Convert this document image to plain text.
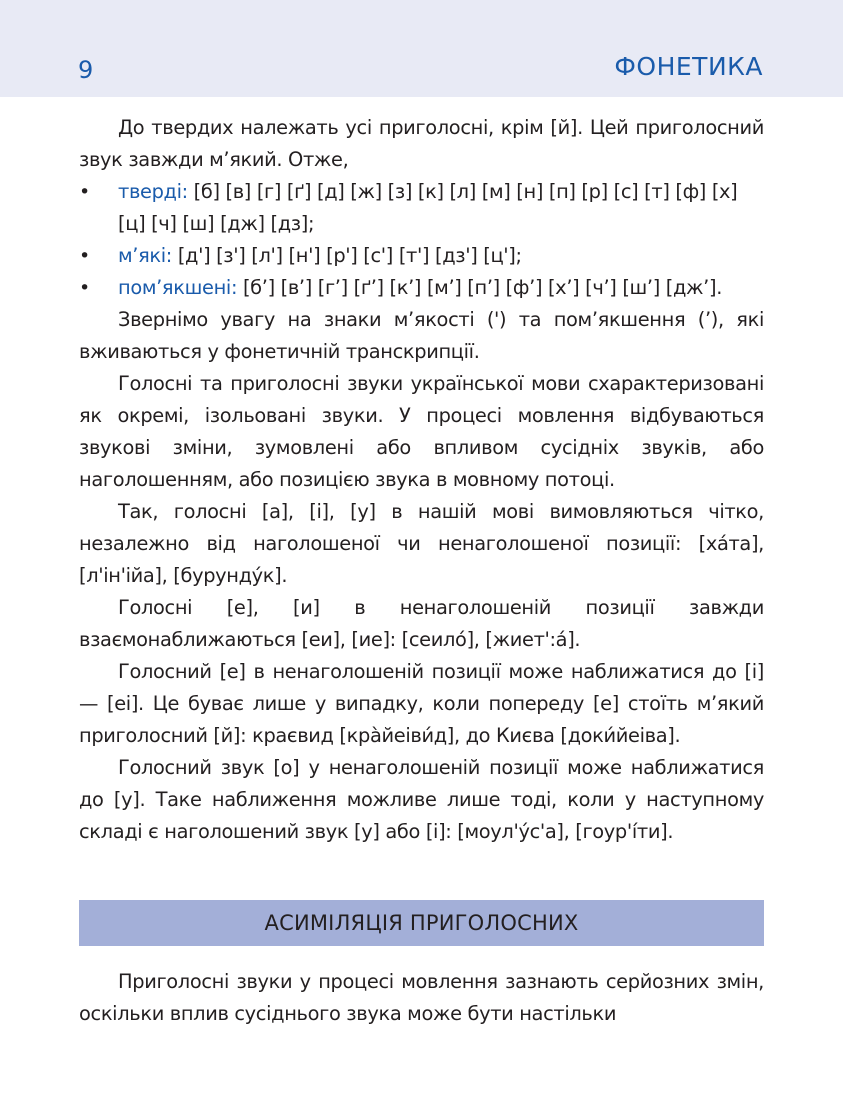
9	ФОНЕТИКА

До твердих належать усі приголосні, крім [й]. Цей приголосний звук завжди м’який. Отже,

• тверді: [б] [в] [г] [ґ] [д] [ж] [з] [к] [л] [м] [н] [п] [р] [с] [т] [ф] [х] [ц] [ч] [ш] [дж] [дз];
• м’які: [д'] [з'] [л'] [н'] [р'] [с'] [т'] [дз'] [ц'];
• пом’якшені: [б’] [в’] [г’] [ґ’] [к’] [м’] [п’] [ф’] [х’] [ч’] [ш’] [дж’].

Звернімо увагу на знаки м’якості (') та пом’якшення (’), які вживаються у фонетичній транскрипції.

Голосні та приголосні звуки української мови схарактеризовані як окремі, ізольовані звуки. У процесі мовлення відбуваються звукові зміни, зумовлені або впливом сусідніх звуків, або наголошенням, або позицією звука в мовному потоці.

Так, голосні [а], [і], [у] в нашій мові вимовляються чітко, незалежно від наголошеної чи ненаголошеної позиції: [ха́та], [л'ін'ійа], [бурунду́к].

Голосні [е], [и] в ненаголошеній позиції завжди взаємонаближаються [еи], [ие]: [сеило́], [жиет':а́].

Голосний [е] в ненаголошеній позиції може наближатися до [і] — [еі]. Це буває лише у випадку, коли попереду [е] стоїть м’який приголосний [й]: краєвид [кра̀йеіви́д], до Києва [доки́йеіва].

Голосний звук [о] у ненаголошеній позиції може наближатися до [у]. Таке наближення можливе лише тоді, коли у наступному складі є наголошений звук [у] або [і]: [моул'у́с'а], [гоур'і́ти].

АСИМІЛЯЦІЯ ПРИГОЛОСНИХ

Приголосні звуки у процесі мовлення зазнають серйозних змін, оскільки вплив сусіднього звука може бути настільки
